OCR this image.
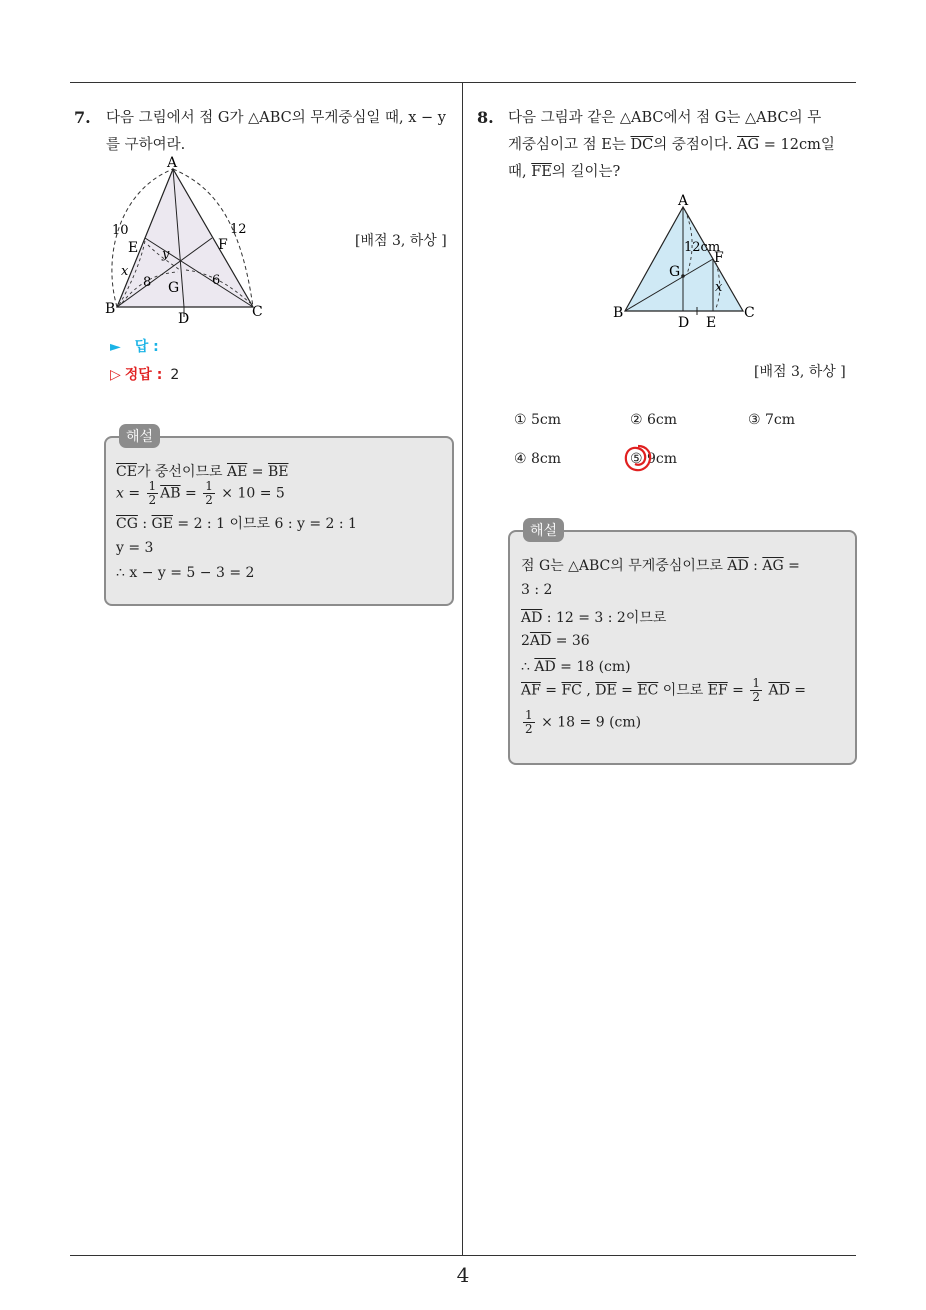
7. 다음 그림에서 점 G가 △ABC의 무게중심일 때, x − y
를 구하여라.
A
B	C
D
E	F
G
10	12
8	6
x
y
[배점 3, 하상 ]
► 답 :
▷ 정답 : 2
해설
$\overline{CE}$가 중선이므로 $\overline{AE} = \overline{BE}$
$x = \frac{1}{2} \overline{AB} = \frac{1}{2} \times 10 = 5$
$\overline{CG}$ : $\overline{GE} = 2$ : 1 이므로 6 : y = 2 : 1
y = 3
∴ x − y = 5 − 3 = 2
8. 다음 그림과 같은 △ABC에서 점 G는 △ABC의 무
게중심이고 점 E는 $\overline{DC}$의 중점이다. $\overline{AG} = 12cm$일
때, $\overline{FE}$의 길이는?
A
B	C
D E
F
G
12cm
x
[배점 3, 하상 ]
① 5cm	② 6cm	③ 7cm
④ 8cm	⑤ 9cm
해설
점 G는 △ABC의 무게중심이므로 $\overline{AD}$ : $\overline{AG}$ =
3 : 2
$\overline{AD}$ : 12 = 3 : 2이므로
$2\overline{AD} = 36$
∴ $\overline{AD} = 18$ (cm)
$\overline{AF} = \overline{FC}$ , $\overline{DE} = \overline{EC}$ 이므로 $\overline{EF} = \frac{1}{2} \overline{AD}$ =
$\frac{1}{2} \times 18 = 9$ (cm)
4
